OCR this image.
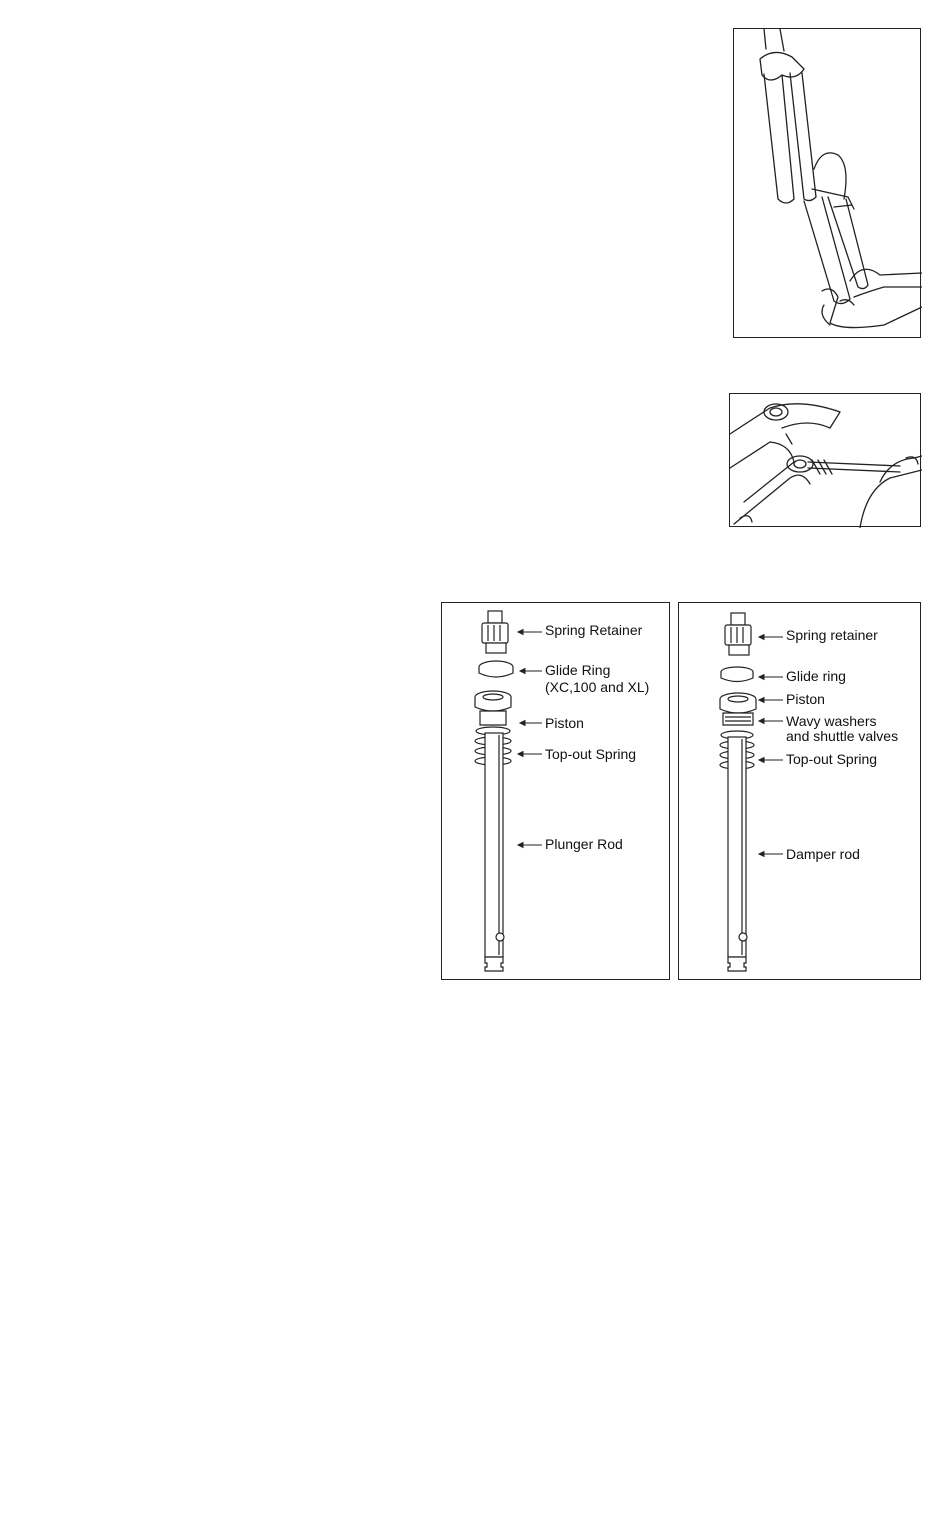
Spring Retainer
Glide Ring
(XC,100 and XL)
Piston
Top-out Spring
Plunger Rod
Spring retainer
Glide ring
Piston
Wavy washers
and shuttle valves
Top-out Spring
Damper rod
